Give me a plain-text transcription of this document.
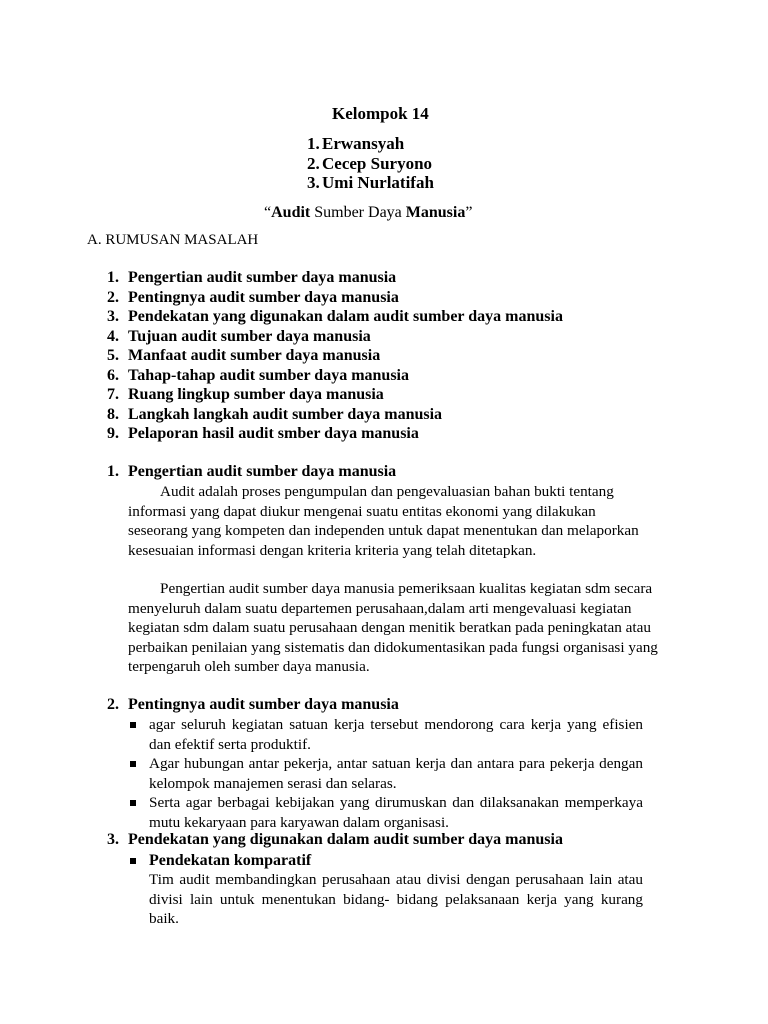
Kelompok 14
1. Erwansyah
2. Cecep Suryono
3. Umi Nurlatifah
“Audit Sumber Daya Manusia”
A. RUMUSAN MASALAH
1. Pengertian audit sumber daya manusia
2. Pentingnya audit sumber daya manusia
3. Pendekatan yang digunakan dalam audit sumber daya manusia
4. Tujuan audit sumber daya manusia
5. Manfaat audit sumber daya manusia
6. Tahap-tahap audit sumber daya manusia
7. Ruang lingkup sumber daya manusia
8. Langkah langkah audit sumber daya manusia
9. Pelaporan hasil audit smber daya manusia
1. Pengertian audit sumber daya manusia
Audit adalah proses pengumpulan dan pengevaluasian bahan bukti tentang informasi yang dapat diukur mengenai suatu entitas ekonomi yang dilakukan seseorang yang kompeten dan independen untuk dapat menentukan dan melaporkan kesesuaian informasi dengan kriteria kriteria yang telah ditetapkan.
Pengertian audit sumber daya manusia pemeriksaan kualitas kegiatan sdm secara menyeluruh dalam suatu departemen perusahaan,dalam arti mengevaluasi kegiatan kegiatan sdm dalam suatu perusahaan dengan menitik beratkan pada peningkatan atau perbaikan penilaian yang sistematis dan didokumentasikan pada fungsi organisasi yang terpengaruh oleh sumber daya manusia.
2. Pentingnya audit sumber daya manusia
agar seluruh kegiatan satuan kerja tersebut mendorong cara kerja yang efisien dan efektif serta produktif.
Agar hubungan antar pekerja, antar satuan kerja dan antara para pekerja dengan kelompok manajemen serasi dan selaras.
Serta agar berbagai kebijakan yang dirumuskan dan dilaksanakan memperkaya mutu kekaryaan para karyawan dalam organisasi.
3. Pendekatan yang digunakan dalam audit sumber daya manusia
Pendekatan komparatif
Tim audit membandingkan perusahaan atau divisi dengan perusahaan lain atau divisi lain untuk menentukan bidang- bidang pelaksanaan kerja yang kurang baik.
